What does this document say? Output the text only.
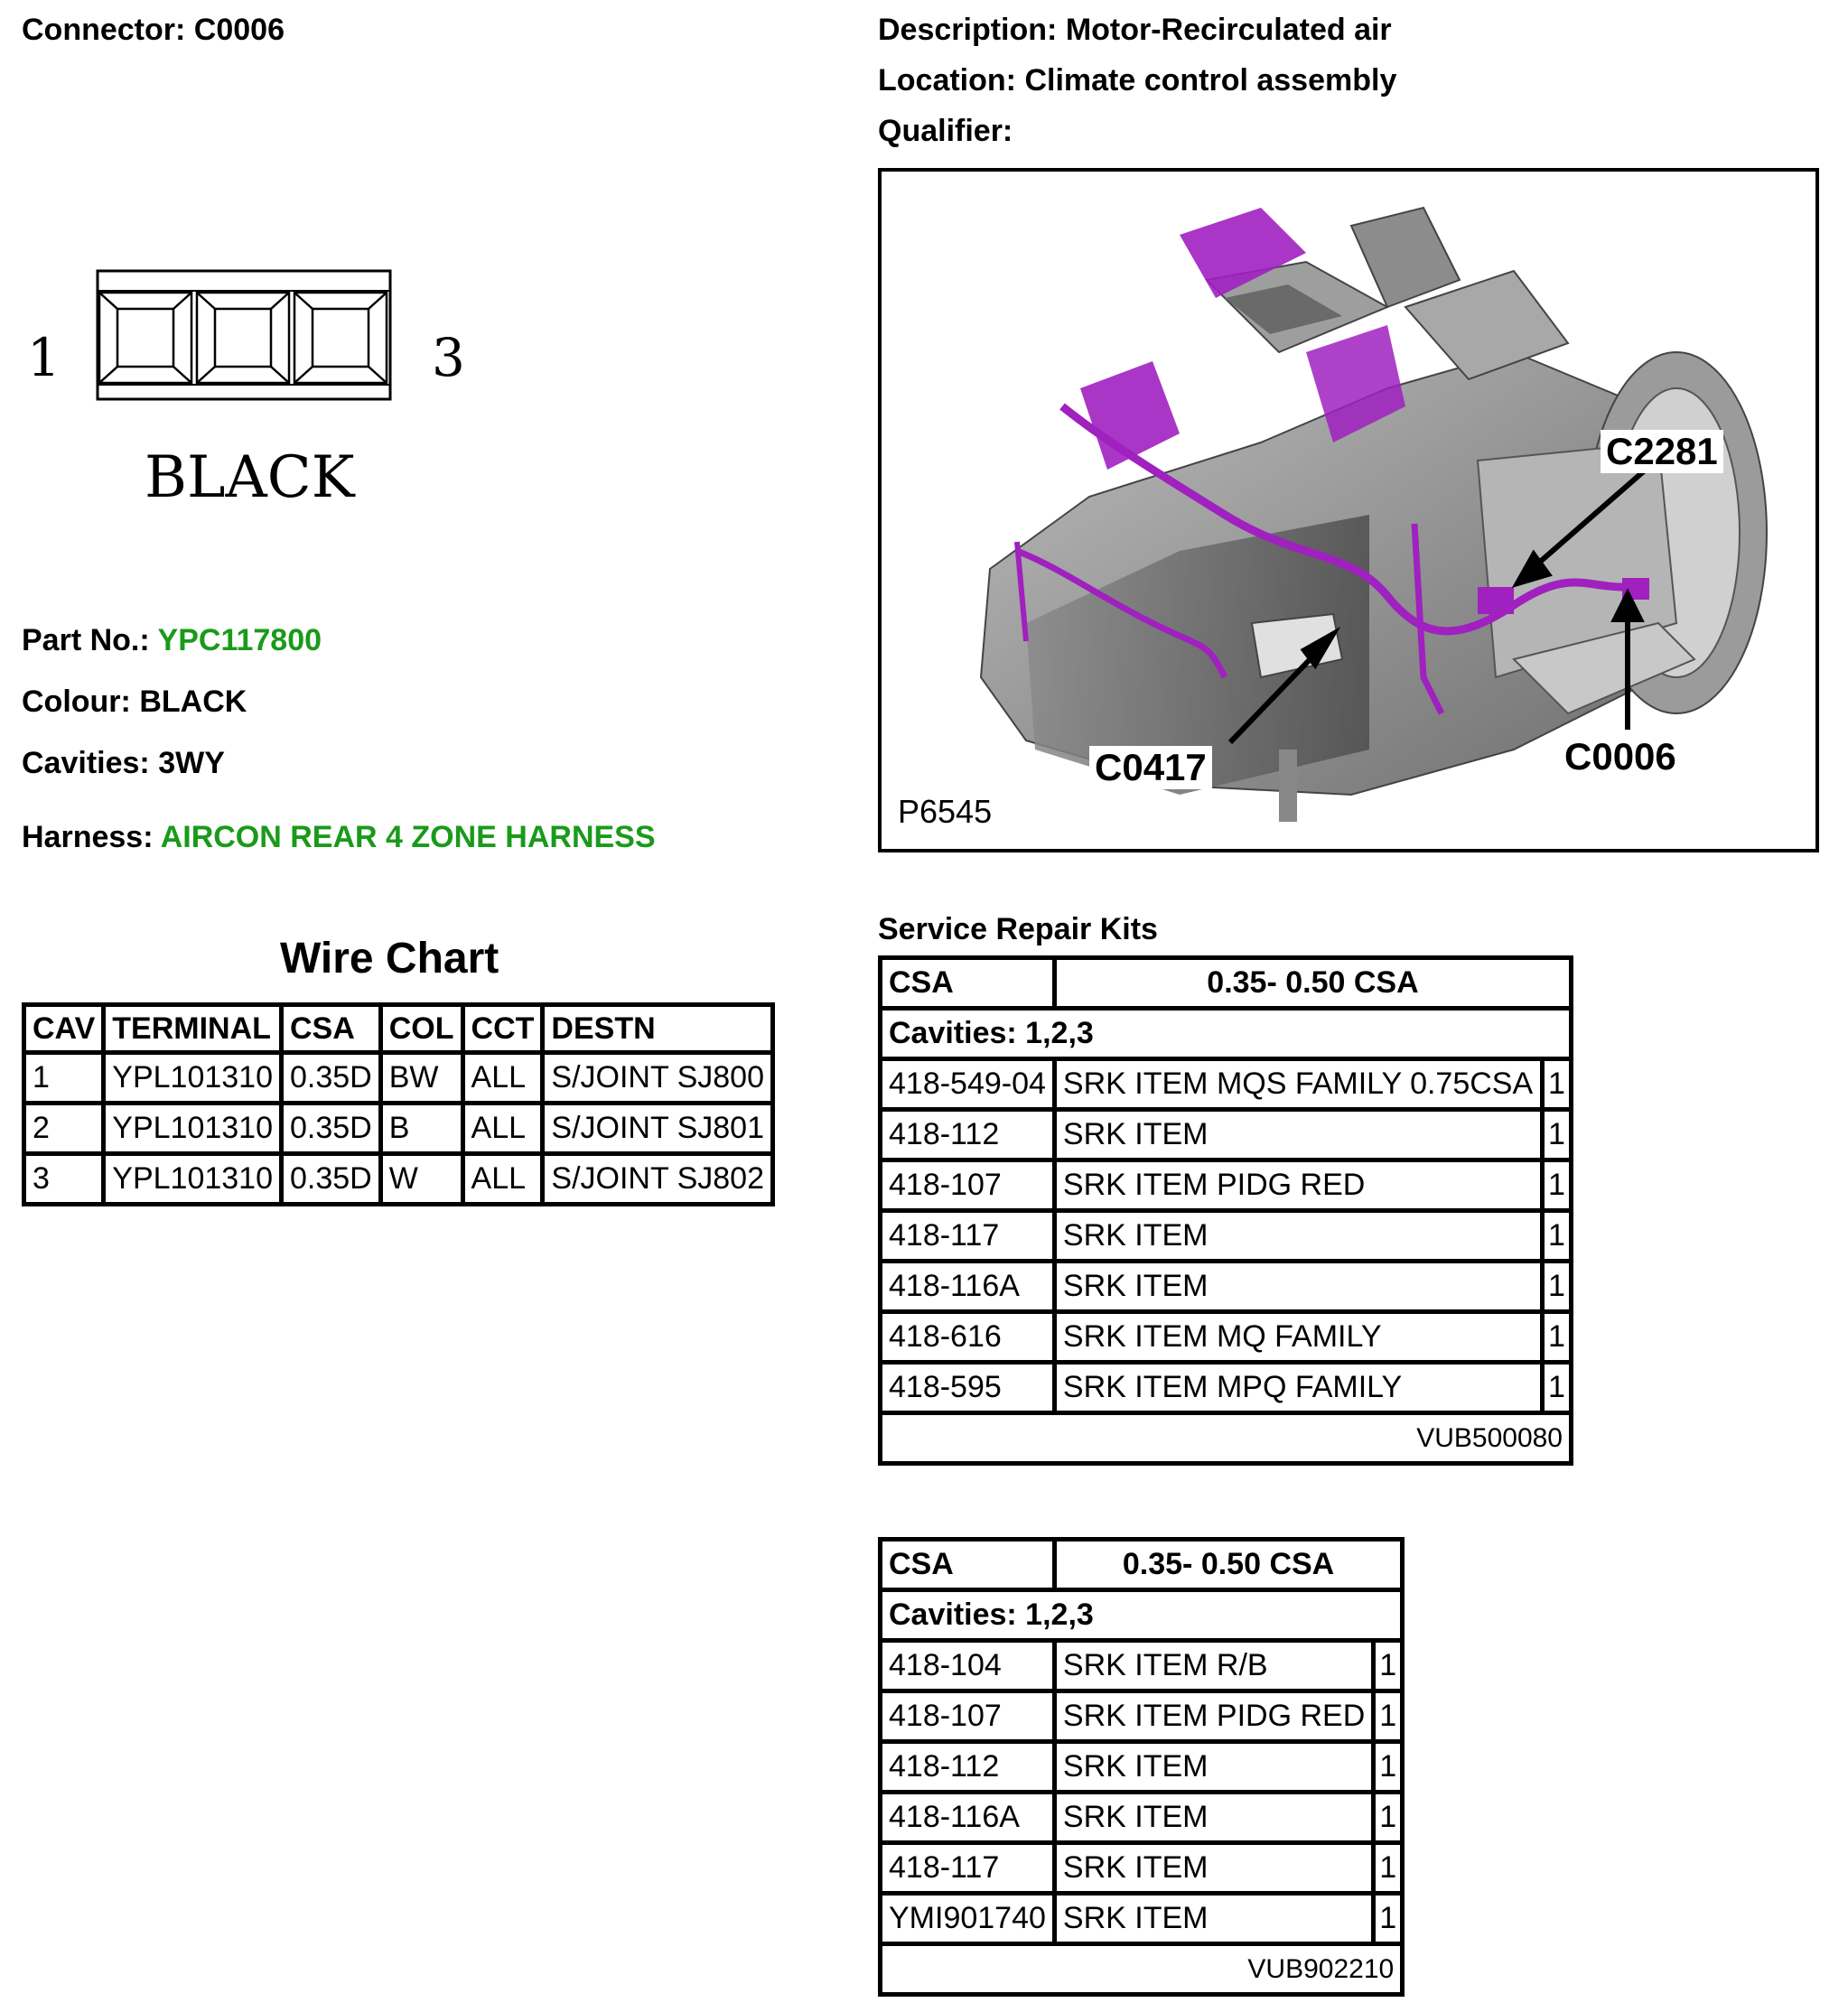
Connector: C0006	Description: Motor-Recirculated air
Location: Climate control assembly
Qualifier:
1	3
BLACK
Part No.: YPC117800
Colour: BLACK
Cavities: 3WY
Harness: AIRCON REAR 4 ZONE HARNESS
C2281
C0417	C0006
P6545
Wire Chart
CAV	TERMINAL	CSA	COL	CCT	DESTN
1	YPL101310	0.35D	BW	ALL	S/JOINT SJ800
2	YPL101310	0.35D	B	ALL	S/JOINT SJ801
3	YPL101310	0.35D	W	ALL	S/JOINT SJ802
Service Repair Kits
CSA	0.35- 0.50 CSA	
Cavities: 1,2,3		
418-549-04	SRK ITEM MQS FAMILY 0.75CSA	1
418-112	SRK ITEM	1
418-107	SRK ITEM PIDG RED	1
418-117	SRK ITEM	1
418-116A	SRK ITEM	1
418-616	SRK ITEM MQ FAMILY	1
418-595	SRK ITEM MPQ FAMILY	1
VUB500080		
CSA	0.35- 0.50 CSA	
Cavities: 1,2,3		
418-104	SRK ITEM R/B	1
418-107	SRK ITEM PIDG RED	1
418-112	SRK ITEM	1
418-116A	SRK ITEM	1
418-117	SRK ITEM	1
YMI901740	SRK ITEM	1
VUB902210		
